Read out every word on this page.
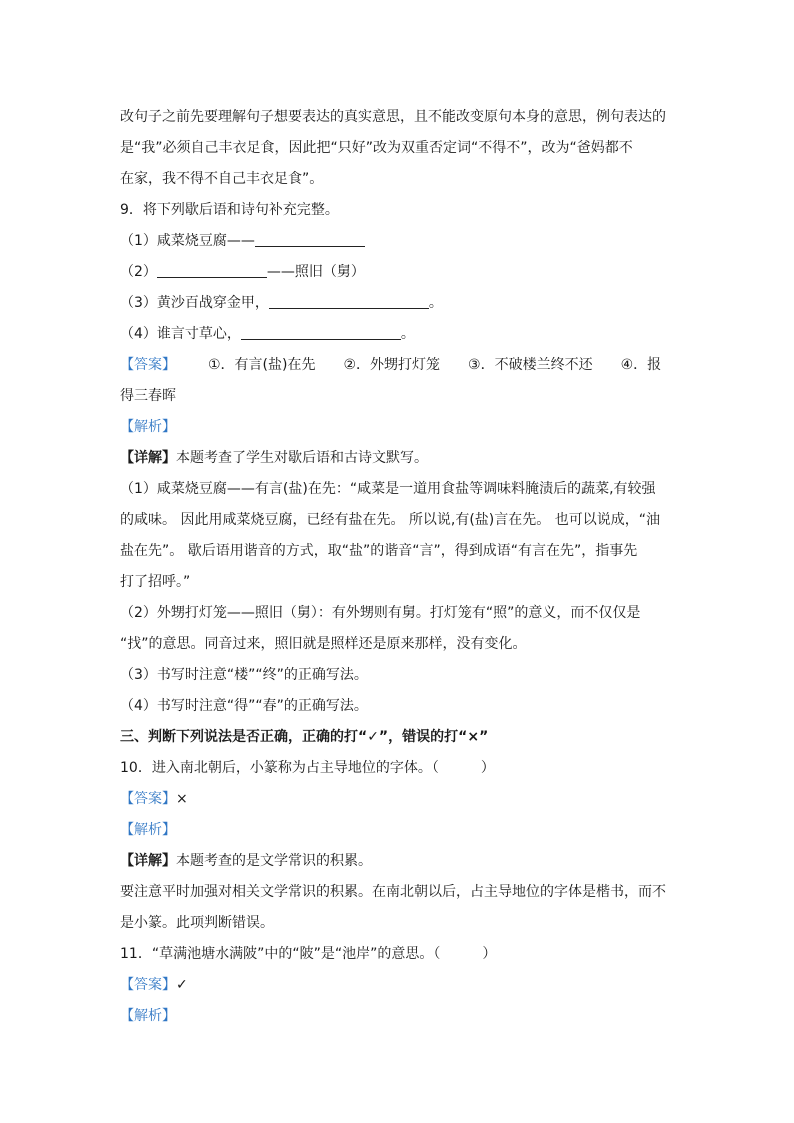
改句子之前先要理解句子想要表达的真实意思，且不能改变原句本身的意思，例句表达的
是“我”必须自己丰衣足食，因此把“只好”改为双重否定词“不得不”，改为“爸妈都不
在家，我不得不自己丰衣足食”。
9．将下列歇后语和诗句补充完整。
（1）咸菜烧豆腐——
（2）	——照旧（舅）
（3）黄沙百战穿金甲，	。
（4）谁言寸草心，	。
【答案】 ①．有言(盐)在先 ②．外甥打灯笼 ③．不破楼兰终不还 ④．报
得三春晖
【解析】
【详解】本题考查了学生对歇后语和古诗文默写。
（1）咸菜烧豆腐——有言(盐)在先：“咸菜是一道用食盐等调味料腌渍后的蔬菜,有较强
的咸味。 因此用咸菜烧豆腐，已经有盐在先。 所以说,有(盐)言在先。 也可以说成，“油
盐在先”。 歇后语用谐音的方式，取“盐”的谐音“言”，得到成语“有言在先”，指事先
打了招呼。”
（2）外甥打灯笼——照旧（舅）：有外甥则有舅。打灯笼有“照”的意义，而不仅仅是
“找”的意思。同音过来，照旧就是照样还是原来那样，没有变化。
（3）书写时注意“楼”“终”的正确写法。
（4）书写时注意“得”“春”的正确写法。
三、判断下列说法是否正确，正确的打“✓”，错误的打“×”
10．进入南北朝后，小篆称为占主导地位的字体。（　　　）
【答案】×
【解析】
【详解】本题考查的是文学常识的积累。
要注意平时加强对相关文学常识的积累。在南北朝以后，占主导地位的字体是楷书，而不
是小篆。此项判断错误。
11．“草满池塘水满陂”中的“陂”是“池岸”的意思。（　　　）
【答案】✓
【解析】
